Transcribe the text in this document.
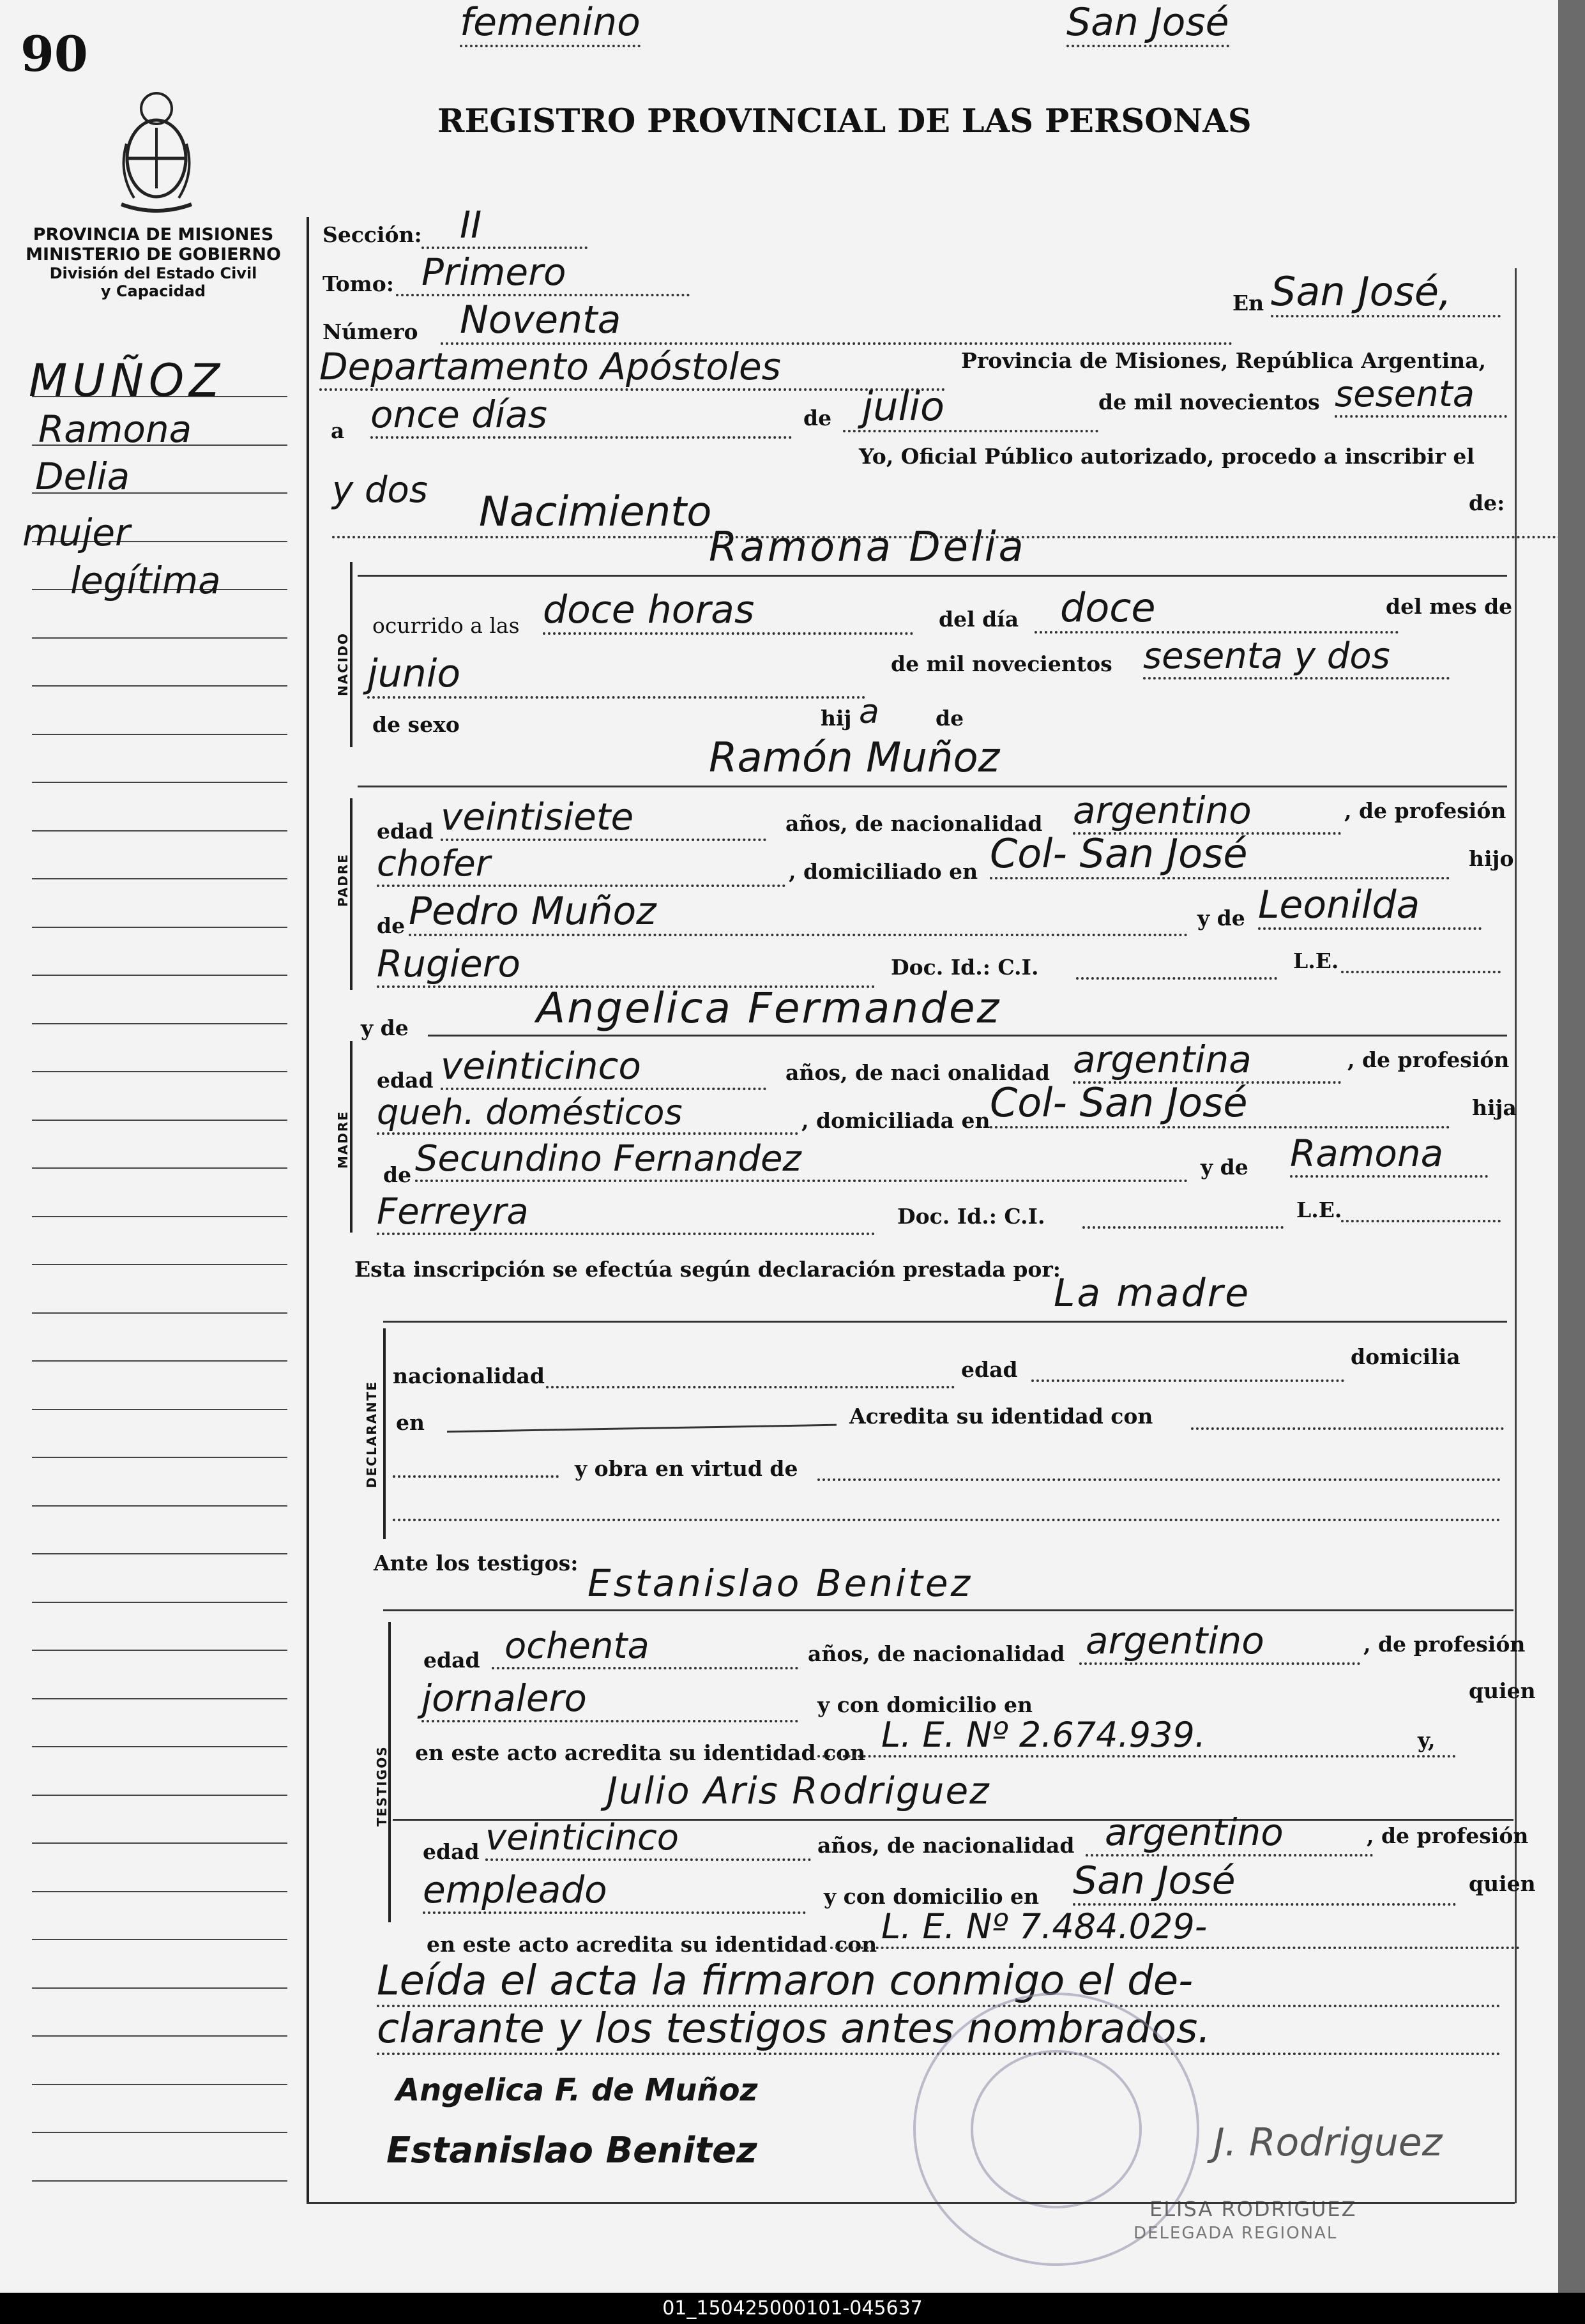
90
REGISTRO PROVINCIAL DE LAS PERSONAS
PROVINCIA DE MISIONES
MINISTERIO DE GOBIERNO
División del Estado Civil
y Capacidad
MUÑOZ
Ramona
Delia
mujer
legítima
Sección:	II
Tomo: Primero
Número	Noventa	En San José,
Departamento Apóstoles	Provincia de Misiones, República Argentina,
a once días	de julio	de mil novecientos sesenta
y dos
Yo, Oficial Público autorizado, procedo a inscribir el
Nacimiento	de:
NACIDO
Ramona Delia
ocurrido a las doce horas	del día	doce	del mes de
junio	de mil novecientos sesenta y dos
de sexo
femenino
hij a	de
PADRE
Ramón Muñoz
edad veintisiete	años, de nacionalidad argentino	, de profesión
chofer	, domiciliado en Col- San José	hijo
de Pedro Muñoz	y de Leonilda
Rugiero	Doc. Id.: C.I.	L.E.
MADRE
y de	Angelica Fermandez
edad veinticinco	años, de naci onalidad argentina	, de profesión
queh. domésticos	, domiciliada en Col- San José	hija
de Secundino Fernandez	y de Ramona
Ferreyra	Doc. Id.: C.I.	L.E.
Esta inscripción se efectúa según declaración prestada por:
La madre
DECLARANTE
nacionalidad	edad
domicilia
en	Acredita su identidad con
y obra en virtud de
Ante los testigos: Estanislao Benitez
TESTIGOS
edad ochenta	años, de nacionalidad argentino	, de profesión
jornalero	y con domicilio en
San José
quien
en este acto acredita su identidad con L. E. Nº 2.674.939.	y,
Julio Aris Rodriguez
edad veinticinco	años, de nacionalidad argentino	, de profesión
empleado	y con domicilio en San José	quien
en este acto acredita su identidad con L. E. Nº 7.484.029-
Leída el acta la firmaron conmigo el de-
clarante y los testigos antes nombrados.
Angelica F. de Muñoz
Estanislao Benitez	J. Rodriguez
ELISA RODRIGUEZ
DELEGADA REGIONAL
01_150425000101-045637
